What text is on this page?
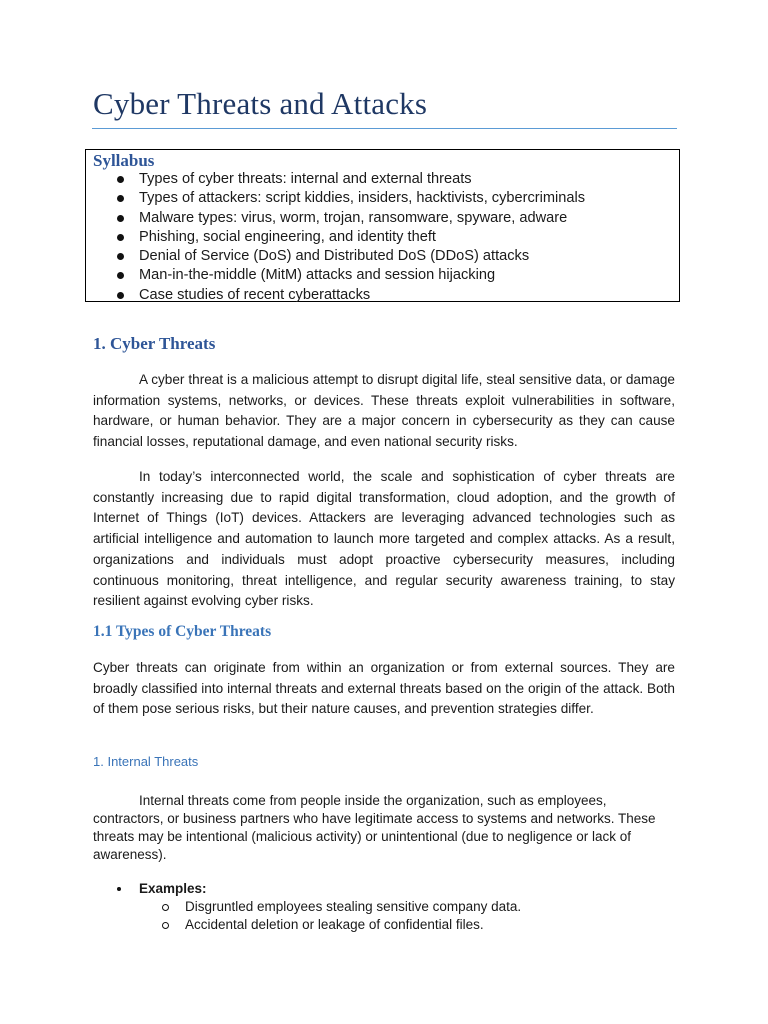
Cyber Threats and Attacks
Syllabus
Types of cyber threats: internal and external threats
Types of attackers: script kiddies, insiders, hacktivists, cybercriminals
Malware types: virus, worm, trojan, ransomware, spyware, adware
Phishing, social engineering, and identity theft
Denial of Service (DoS) and Distributed DoS (DDoS) attacks
Man-in-the-middle (MitM) attacks and session hijacking
Case studies of recent cyberattacks
1. Cyber Threats

A cyber threat is a malicious attempt to disrupt digital life, steal sensitive data, or damage information systems, networks, or devices. These threats exploit vulnerabilities in software, hardware, or human behavior. They are a major concern in cybersecurity as they can cause financial losses, reputational damage, and even national security risks.

In today’s interconnected world, the scale and sophistication of cyber threats are constantly increasing due to rapid digital transformation, cloud adoption, and the growth of Internet of Things (IoT) devices. Attackers are leveraging advanced technologies such as artificial intelligence and automation to launch more targeted and complex attacks. As a result, organizations and individuals must adopt proactive cybersecurity measures, including continuous monitoring, threat intelligence, and regular security awareness training, to stay resilient against evolving cyber risks.

1.1 Types of Cyber Threats

Cyber threats can originate from within an organization or from external sources. They are broadly classified into internal threats and external threats based on the origin of the attack. Both of them pose serious risks, but their nature causes, and prevention strategies differ.

1. Internal Threats

Internal threats come from people inside the organization, such as employees, contractors, or business partners who have legitimate access to systems and networks. These threats may be intentional (malicious activity) or unintentional (due to negligence or lack of awareness).

Examples:
Disgruntled employees stealing sensitive company data.
Accidental deletion or leakage of confidential files.
